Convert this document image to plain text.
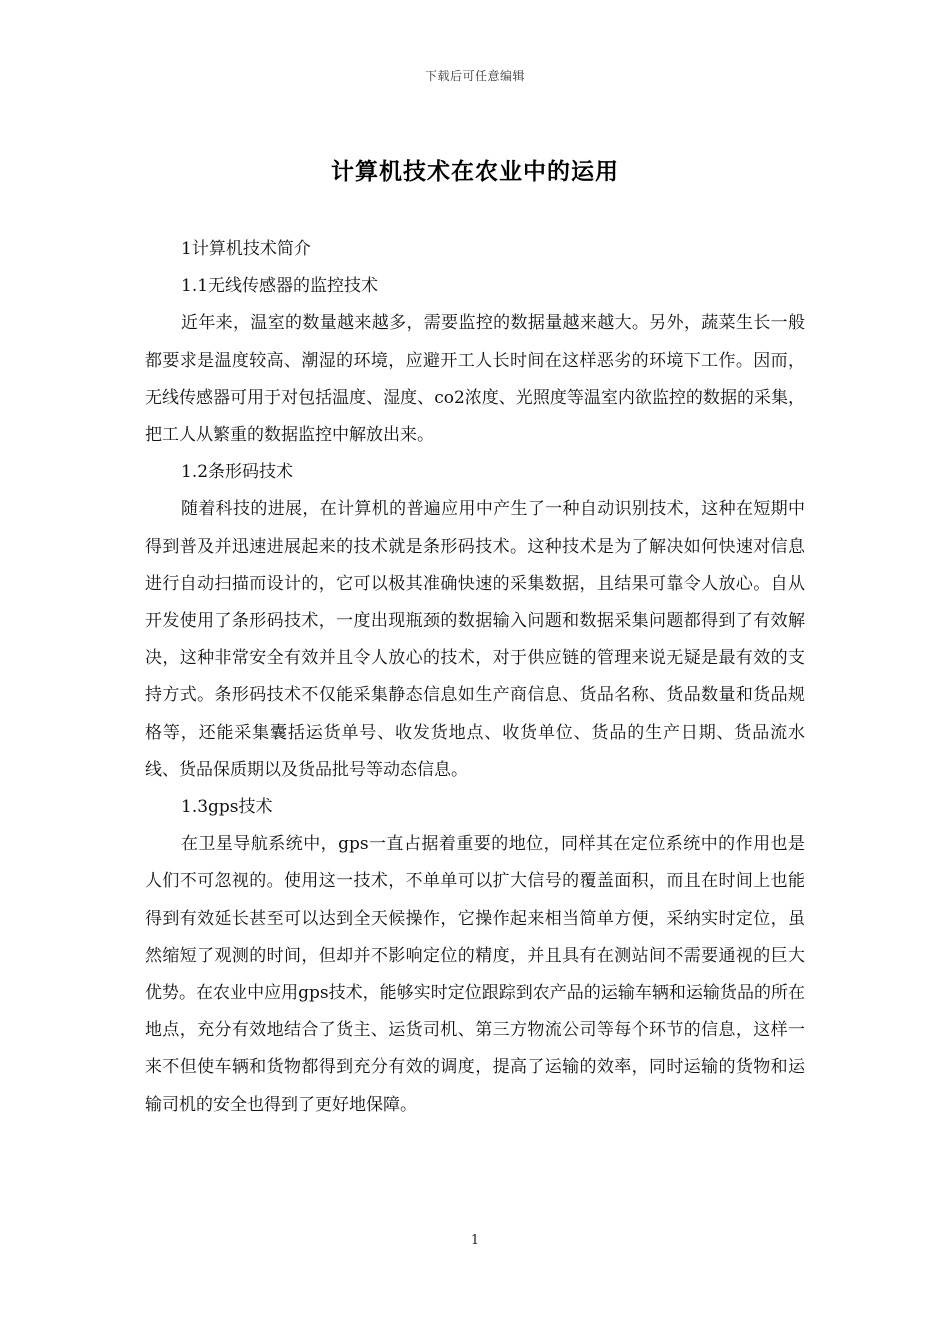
下载后可任意编辑
计算机技术在农业中的运用

1计算机技术简介

1.1无线传感器的监控技术

近年来，温室的数量越来越多，需要监控的数据量越来越大。另外，蔬菜生长一般都要求是温度较高、潮湿的环境，应避开工人长时间在这样恶劣的环境下工作。因而，无线传感器可用于对包括温度、湿度、co2浓度、光照度等温室内欲监控的数据的采集，把工人从繁重的数据监控中解放出来。

1.2条形码技术

随着科技的进展，在计算机的普遍应用中产生了一种自动识别技术，这种在短期中得到普及并迅速进展起来的技术就是条形码技术。这种技术是为了解决如何快速对信息进行自动扫描而设计的，它可以极其准确快速的采集数据，且结果可靠令人放心。自从开发使用了条形码技术，一度出现瓶颈的数据输入问题和数据采集问题都得到了有效解决，这种非常安全有效并且令人放心的技术，对于供应链的管理来说无疑是最有效的支持方式。条形码技术不仅能采集静态信息如生产商信息、货品名称、货品数量和货品规格等，还能采集囊括运货单号、收发货地点、收货单位、货品的生产日期、货品流水线、货品保质期以及货品批号等动态信息。

1.3gps技术

在卫星导航系统中，gps一直占据着重要的地位，同样其在定位系统中的作用也是人们不可忽视的。使用这一技术，不单单可以扩大信号的覆盖面积，而且在时间上也能得到有效延长甚至可以达到全天候操作，它操作起来相当简单方便，采纳实时定位，虽然缩短了观测的时间，但却并不影响定位的精度，并且具有在测站间不需要通视的巨大优势。在农业中应用gps技术，能够实时定位跟踪到农产品的运输车辆和运输货品的所在地点，充分有效地结合了货主、运货司机、第三方物流公司等每个环节的信息，这样一来不但使车辆和货物都得到充分有效的调度，提高了运输的效率，同时运输的货物和运输司机的安全也得到了更好地保障。

1
